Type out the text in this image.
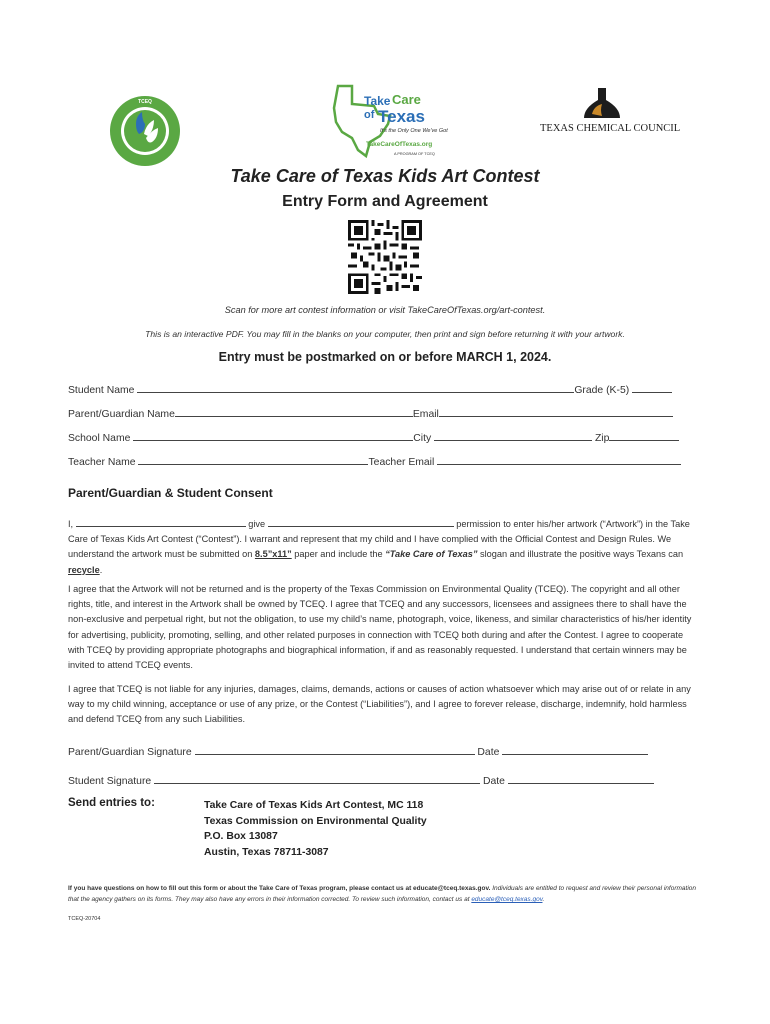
TCEQ	Take Care
of Texas
It's the Only One We've Got
TakeCareOfTexas.org
A PROGRAM OF TCEQ
TEXAS CHEMICAL COUNCIL
Take Care of Texas Kids Art Contest
Entry Form and Agreement
Scan for more art contest information or visit TakeCareOfTexas.org/art-contest.
This is an interactive PDF. You may fill in the blanks on your computer, then print and sign before returning it with your artwork.
Entry must be postmarked on or before MARCH 1, 2024.
Student Name	Grade (K-5)
Parent/Guardian Name	Email
School Name	City	Zip
Teacher Name	Teacher Email
Parent/Guardian & Student Consent
I,	give	permission to enter his/her artwork (“Artwork”) in the Take Care of Texas Kids Art Contest (“Contest”). I warrant and represent that my child and I have complied with the Official Contest and Design Rules. We understand the artwork must be submitted on 8.5”x11” paper and include the “Take Care of Texas” slogan and illustrate the positive ways Texans can recycle.
I agree that the Artwork will not be returned and is the property of the Texas Commission on Environmental Quality (TCEQ). The copyright and all other rights, title, and interest in the Artwork shall be owned by TCEQ. I agree that TCEQ and any successors, licensees and assignees there to shall have the non-exclusive and perpetual right, but not the obligation, to use my child’s name, photograph, voice, likeness, and similar characteristics of his/her identity for advertising, publicity, promoting, selling, and other related purposes in connection with TCEQ both during and after the Contest. I agree to cooperate with TCEQ by providing appropriate photographs and biographical information, if and as reasonably requested. I understand that certain winners may be invited to attend TCEQ events.
I agree that TCEQ is not liable for any injuries, damages, claims, demands, actions or causes of action whatsoever which may arise out of or relate in any way to my child winning, acceptance or use of any prize, or the Contest (“Liabilities”), and I agree to forever release, discharge, indemnify, hold harmless and defend TCEQ from any such Liabilities.
Parent/Guardian Signature	Date
Student Signature	Date
Send entries to:	Take Care of Texas Kids Art Contest, MC 118
Texas Commission on Environmental Quality
P.O. Box 13087
Austin, Texas 78711-3087
If you have questions on how to fill out this form or about the Take Care of Texas program, please contact us at educate@tceq.texas.gov. Individuals are entitled to request and review their personal information that the agency gathers on its forms. They may also have any errors in their information corrected. To review such information, contact us at educate@tceq.texas.gov.
TCEQ-20704
